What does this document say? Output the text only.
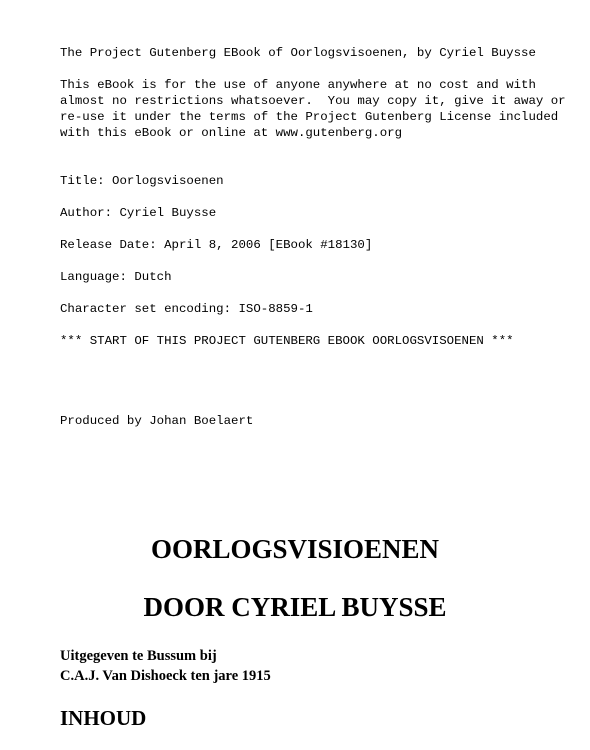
The Project Gutenberg EBook of Oorlogsvisoenen, by Cyriel Buysse

This eBook is for the use of anyone anywhere at no cost and with

almost no restrictions whatsoever.  You may copy it, give it away or

re-use it under the terms of the Project Gutenberg License included

with this eBook or online at www.gutenberg.org

Title: Oorlogsvisoenen

Author: Cyriel Buysse

Release Date: April 8, 2006 [EBook #18130]

Language: Dutch

Character set encoding: ISO-8859-1

*** START OF THIS PROJECT GUTENBERG EBOOK OORLOGSVISOENEN ***

Produced by Johan Boelaert

OORLOGSVISIOENEN
DOOR CYRIEL BUYSSE

Uitgegeven te Bussum bij

C.A.J. Van Dishoeck ten jare 1915

INHOUD
